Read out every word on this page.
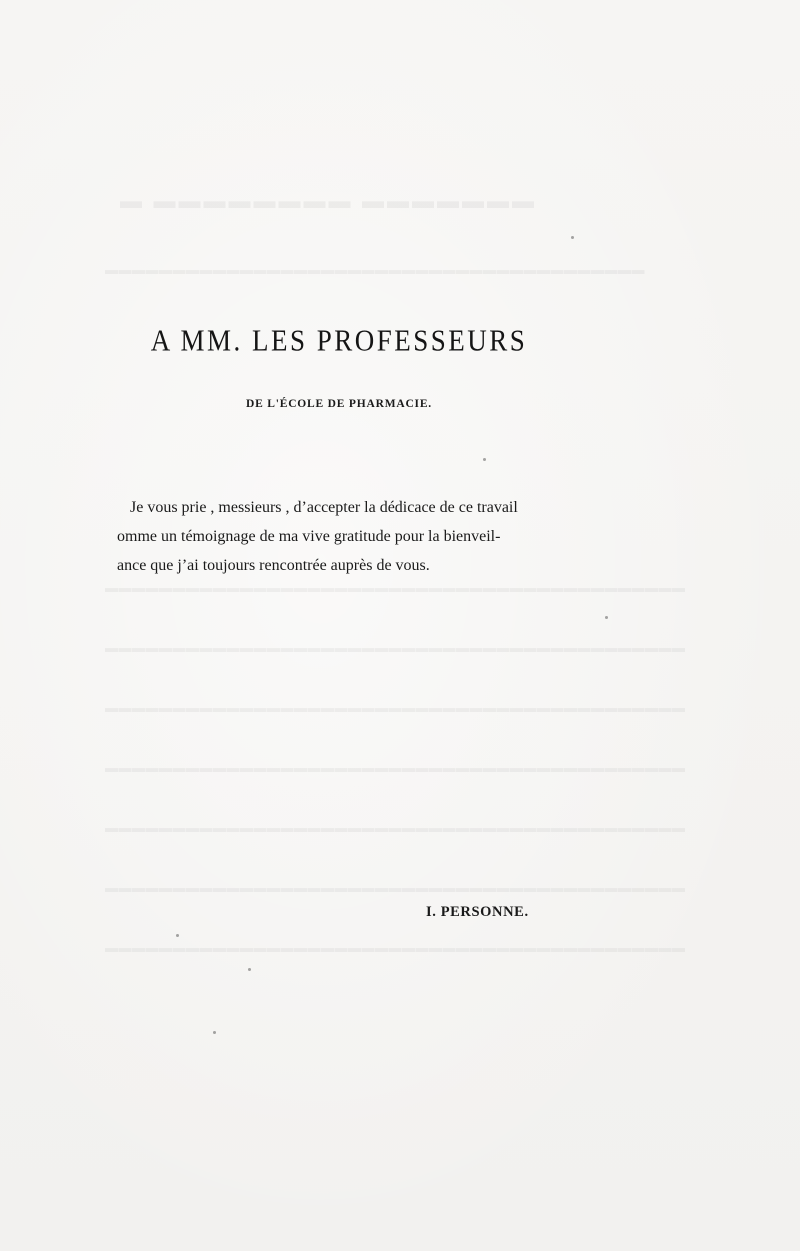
▬ ▬▬▬▬▬▬▬▬ ▬▬▬▬▬▬▬
▬▬▬▬▬▬▬▬▬▬▬▬▬▬▬▬▬▬▬▬▬▬▬▬▬▬▬▬▬▬▬▬▬▬▬▬▬▬▬▬
▬▬▬▬▬▬▬▬▬▬▬▬▬▬▬▬▬▬▬▬▬▬▬▬▬▬▬▬▬▬▬▬▬▬▬▬▬▬▬▬▬▬▬
▬▬▬▬▬▬▬▬▬▬▬▬▬▬▬▬▬▬▬▬▬▬▬▬▬▬▬▬▬▬▬▬▬▬▬▬▬▬▬▬▬▬▬
▬▬▬▬▬▬▬▬▬▬▬▬▬▬▬▬▬▬▬▬▬▬▬▬▬▬▬▬▬▬▬▬▬▬▬▬▬▬▬▬▬▬▬
▬▬▬▬▬▬▬▬▬▬▬▬▬▬▬▬▬▬▬▬▬▬▬▬▬▬▬▬▬▬▬▬▬▬▬▬▬▬▬▬▬▬▬
▬▬▬▬▬▬▬▬▬▬▬▬▬▬▬▬▬▬▬▬▬▬▬▬▬▬▬▬▬▬▬▬▬▬▬▬▬▬▬▬▬▬▬
▬▬▬▬▬▬▬▬▬▬▬▬▬▬▬▬▬▬▬▬▬▬▬▬▬▬▬▬▬▬▬▬▬▬▬▬▬▬▬▬▬▬▬
▬▬▬▬▬▬▬▬▬▬▬▬▬▬▬▬▬▬▬▬▬▬▬▬▬▬▬▬▬▬▬▬▬▬▬▬▬▬▬▬▬▬▬
A MM. LES PROFESSEURS
DE L'ÉCOLE DE PHARMACIE.
Je vous prie , messieurs , d’accepter la dédicace de ce travail
omme un témoignage de ma vive gratitude pour la bienveil-
ance que j’ai toujours rencontrée auprès de vous.
I. PERSONNE.
